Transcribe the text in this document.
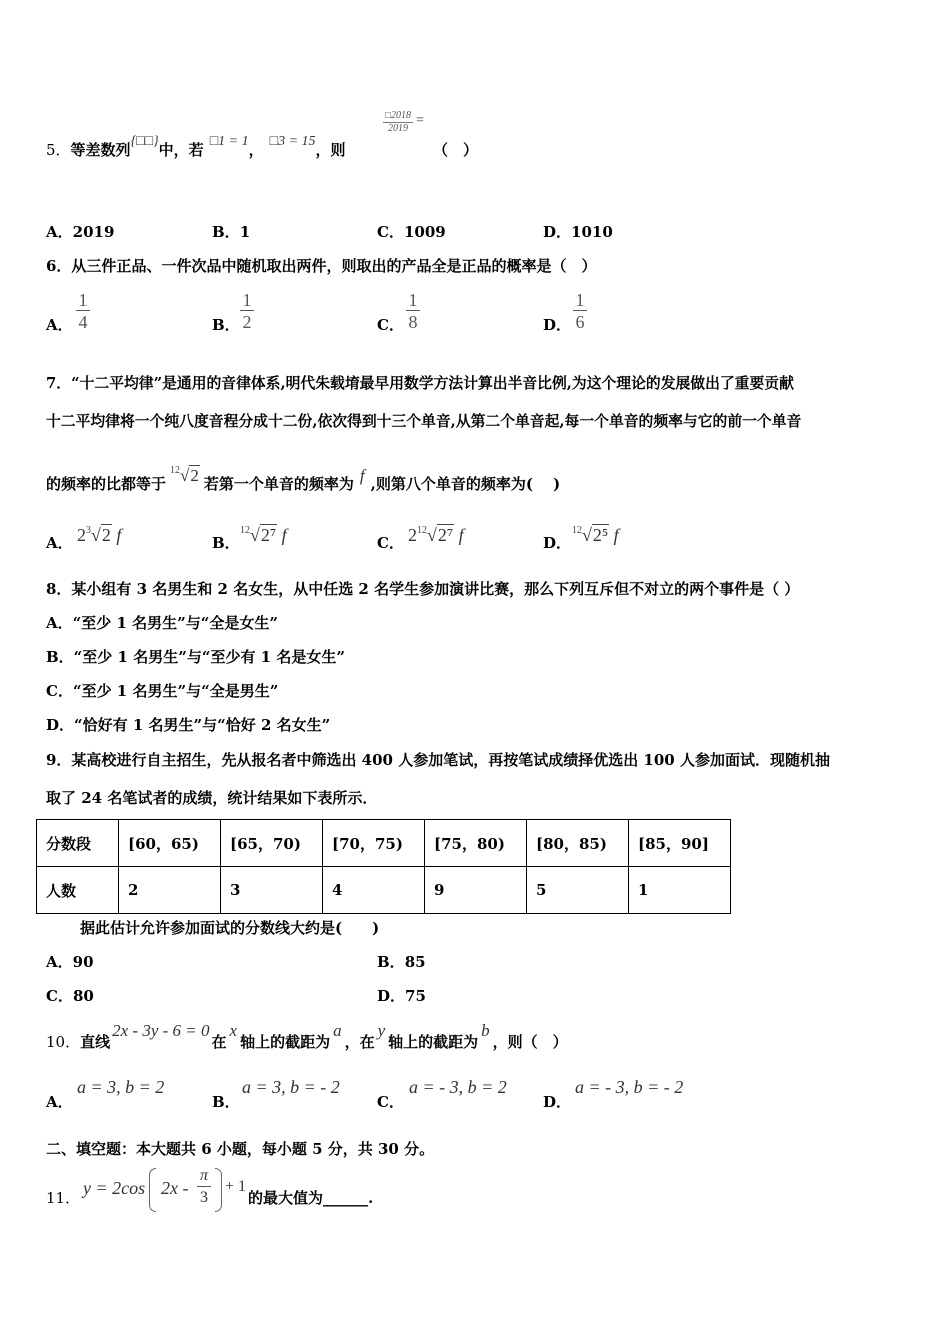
5．等差数列{□□}中，若 □1 = 1， □3 = 15，则
□2018
2019
=
（　）
A．2019	B．1	C．1009	D．1010
6．从三件正品、一件次品中随机取出两件，则取出的产品全是正品的概率是（　）
A．
1
4	B．
1
2	C．
1
8	D．
1
6
7．“十二平均律”是通用的音律体系,明代朱载堉最早用数学方法计算出半音比例,为这个理论的发展做出了重要贡献
十二平均律将一个纯八度音程分成十二份,依次得到十三个单音,从第二个单音起,每一个单音的频率与它的前一个单音
的频率的比都等于$^{12}$√2 若第一个单音的频率为 f ,则第八个单音的频率为(　 )
A． $2^3√2$ f	B．
$^{12}$√2⁷ f	C． $2^{12}√2^7$ f	D．
$^{12}$√2⁵ f
8．某小组有 3 名男生和 2 名女生，从中任选 2 名学生参加演讲比赛，那么下列互斥但不对立的两个事件是（ ）
A．“至少 1 名男生”与“全是女生”
B．“至少 1 名男生”与“至少有 1 名是女生”
C．“至少 1 名男生”与“全是男生”
D．“恰好有 1 名男生”与“恰好 2 名女生”
9．某高校进行自主招生，先从报名者中筛选出 400 人参加笔试，再按笔试成绩择优选出 100 人参加面试．现随机抽
取了 24 名笔试者的成绩，统计结果如下表所示．
分数段	[60，65)	[65，70)	[70，75)	[75，80)	[80，85)	[85，90]
人数	2	3	4	9	5	1
据此估计允许参加面试的分数线大约是(　　)
A．90	B．85
C．80	D．75
10．直线2x - 3y - 6 = 0在x轴上的截距为a，在y轴上的截距为b，则（　）
A．
a = 3, b = 2
B．
a = 3, b = - 2
C．
a = - 3, b = 2
D．
a = - 3, b = - 2
二、填空题：本大题共 6 小题，每小题 5 分，共 30 分。
11． y = 2cos 2x -
π
3
+ 1
的最大值为______.
